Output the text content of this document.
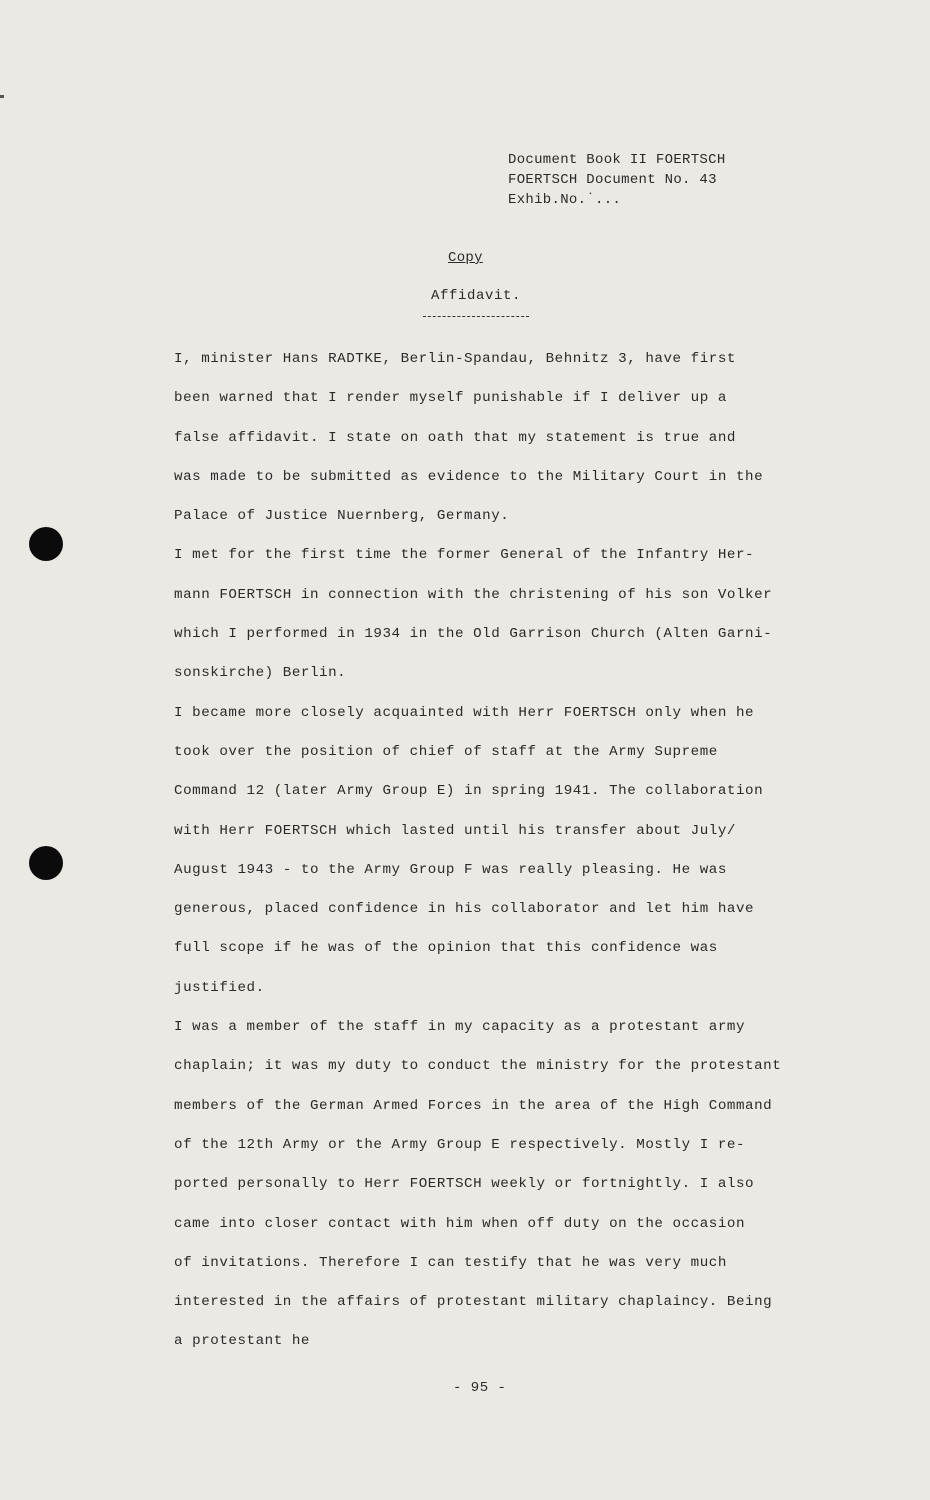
Document Book II FOERTSCH
FOERTSCH Document No. 43
Exhib.No.˙...
Copy
Affidavit.
I, minister Hans RADTKE, Berlin-Spandau, Behnitz 3, have first
been warned that I render myself punishable if I deliver up a
false affidavit. I state on oath that my statement is true and
was made to be submitted as evidence to the Military Court in the
Palace of Justice Nuernberg, Germany.
I met for the first time the former General of the Infantry Her-
mann FOERTSCH in connection with the christening of his son Volker
which I performed in 1934 in the Old Garrison Church (Alten Garni-
sonskirche) Berlin.
I became more closely acquainted with Herr FOERTSCH only when he
took over the position of chief of staff at the Army Supreme
Command 12 (later Army Group E) in spring 1941. The collaboration
with Herr FOERTSCH which lasted until his transfer about July/
August 1943 - to the Army Group F was really pleasing. He was
generous, placed confidence in his collaborator and let him have
full scope if he was of the opinion that this confidence was
justified.
I was a member of the staff in my capacity as a protestant army
chaplain; it was my duty to conduct the ministry for the protestant
members of the German Armed Forces in the area of the High Command
of the 12th Army or the Army Group E respectively. Mostly I re-
ported personally to Herr FOERTSCH weekly or fortnightly. I also
came into closer contact with him when off duty on the occasion
of invitations. Therefore I can testify that he was very much
interested in the affairs of protestant military chaplaincy. Being
a protestant he
- 95 -
